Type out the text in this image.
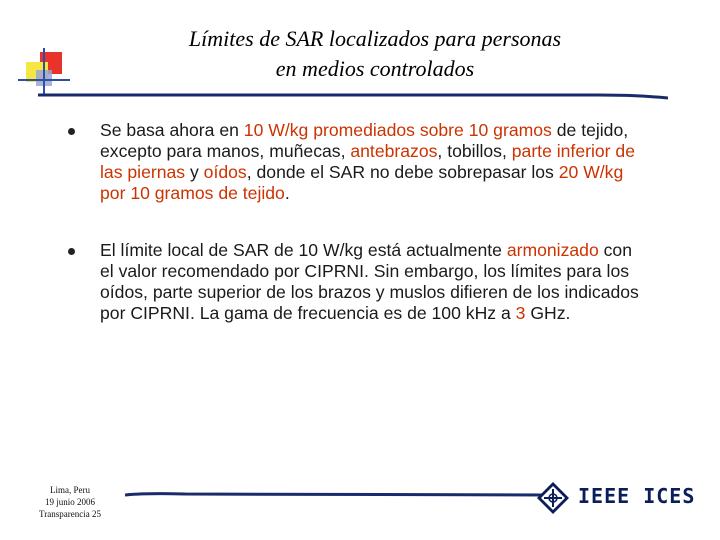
Límites de SAR localizados para personas
en medios controlados
Se basa ahora en 10 W/kg promediados sobre 10 gramos de tejido, excepto para manos, muñecas, antebrazos, tobillos, parte inferior de las piernas y oídos, donde el SAR no debe sobrepasar los 20 W/kg por 10 gramos de tejido.
El límite local de SAR de 10 W/kg está actualmente armonizado con el valor recomendado por CIPRNI. Sin embargo, los límites para los oídos, parte superior de los brazos y muslos difieren de los indicados por CIPRNI. La gama de frecuencia es de 100 kHz a 3 GHz.
Lima, Peru
19 junio 2006
Transparencia 25
IEEE ICES
